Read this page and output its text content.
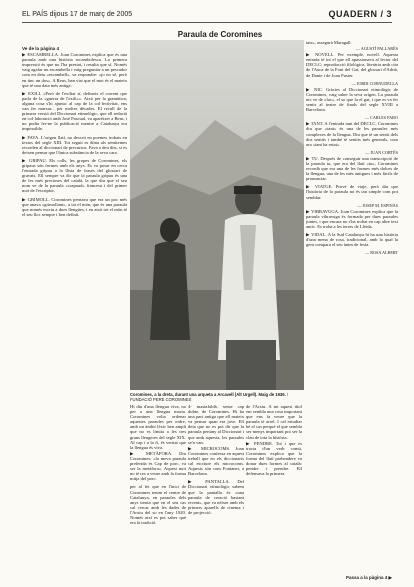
EL PAÍS dijous 17 de març de 2005	QUADERN / 3
Paraula de Coromines

Ve de la pàgina 4

▶ ESCAMBELLA. Joan Coromines explica que és una paraula amb una història rocambolesca. La primera impressió és que no l'ha prestat, i resulta que sí. Només vaig agafar un escambella i vaig preguntar a un pescador com en deia «escambell», va respondre: «jo no sé, però en tinc un dos». A Reus, han vist que el mot és el mateix que té una data més antiga.

▶ EXILI. «Però de l'exiliat sí, defineix el corrent que parla de la «guerra de l'exili»». Això per la gramàtica; alguna cosa s'hi ajunta: al cap de la col·lectivitat, ens van fer marxar... per moltes dècades. El recull de la primera versió del Diccionari etimològic, que ell redactà en col·laboració amb José Pascual, va aparèixer a Bern, i no podia fer-ne la publicació mentre a Catalunya era impossible.

▶ FAVA. L'origen llatí, no descrit en poemes trobats en textos del segle XIII. Tot seguit es dóna als semitemes recorden al diccionari de precursos. Fava a deu dits, si es deixen pensar que l'única substància de la seva cara.

▶ GRIPAU. Els colls, les gropes de Coromines, els gripaus són formes amb els anys. Es va posar en cerca l'entrada gripau a la llista de frases del glossari de gravats. Ell sempre va dir que la paraula gripau és una de les més precioses del català, la que diu que el seu nom ve de la paraula «crapaud» francesa i del primer mot de l'escriptor.

▶ GRIMOLL. Coromines pensava que era un poc més que anava «grimollant», a tot el món, que és una paraula que només escriu a dues llengües, i en això tot el món té el seu lloc sempre i ben definit.

Coromines, a la dreta, durant una arqueta a Arcavell (Alt Urgell). Maig de 1936. / FUNDACIÓ PERE COROMINES

Hi diu d'una llengua viva, no per a una llengua morta. Coromines volia ordenar aquestes paraules per ordre, amb un àmbit lèxic ben ampli que no es limita a les tres grans lleugeres del segle XIX. Al cap i a la fi, és veritat que la llengua és viva.

▶ METÀFORA. Diu Coromines: «la meva paraula preferida és Cap de porc, va ser la metàfora». Aquest mot no té res a veure amb la forma mitja del porc.

per al fet que en l'inici de Coromines tenim el centre de Catalunya, en paraules dels anys trenta que en el seu cas cal cercar amb les dades de l'Arxiu del so en l'any 1920. Només així es pot saber què era la tradició.

4- mastafaldà, sense cap dubte, de Coromines. Hi ha una part antiga que ell mateix va pensar quan era jove. Ell deia que no es pot dir que la paraula pertany al Diccionari i que amb aquesta, les paraules se'n van.

▶ MICROCOMS. Joan Coromines confessa en aquest treball que en els diccionaris cal escriure els microcoms. Aquests són com Fontaner, a Barcelona.

▶ PANTALLA. Del Diccionari etimològic sabem que la pantalla és «una paraula de creació bastant recent», que va néixer amb els primers aparells de cinema i de projecció.

de l'Arxiu. A mi aquest títol em sembla una cosa important que ens fa veure que la paraula té arrel. I cal estudiar bé el cas perquè el que sembla ser menys important pot ser la clau de tota la història.

▶ PENDRE. Tot i que es tracta d'un verb comú, Coromines explica que la forma del llatí prehendere va donar dues formes al català: pendre i prendre. Ell defensava la primera.

tats», assegurà Maragall.

— AGUSTÍ PALLARÈS

▶ NOVELL. Per exemple, novell. Aquesta entrada té tot el que ell apassionava al lector del DECLC: reproducció filològica, literària amb cita de l'Auca de la Font del Gat, del glossari d'Adrià, de Dante i de Joan Fuster.

— JORDI CORNUDELLA

▶ NIC. Gràcies al Diccionari etimològic de Coromines, vaig saber la seva origen. La paraula nic ve de «fac», el so que fa el gat, i que es va fer sentir al teatre de finals del segle XVIII a Barcelona.

— CARLES FARO

▶ TANT. A l'entrada tant del DECLC, Coromines diu que «tant» és una de les paraules més complexes de la llengua. Diu que té un sentit dels dos sentits i també té sentits més generals, com ara «tant ha estat».

— JUAN CORTÉS

▶ TU. Després de conseguir una transcripció de la paraula tu, que era del llatí «tu», Coromines recordà que era una de les formes més dolces de la llengua, una de les més antigues i més fàcils de pronunciar.

▶ VIATGE. Prové de viaje, però diu que l'història de la paraula no és tan simple com pot semblar.

— JOSEP M. ESPINÀS

▶ VIBRAVUGA. Joan Coromines explica que la paraula vibravuga és formada per dues paraules juntes, i que encara no s'ha trobat en cap altre text antic. Es troba a les terres de Lleida.

▶ VIDAL. A la Sud Catalunya hi ha una història d'una mena de rosa, tradicional, amb la qual la gent compara el seu ànim de festa.

— ROSA ALBERT

Passa a la pàgina 4 ▶
